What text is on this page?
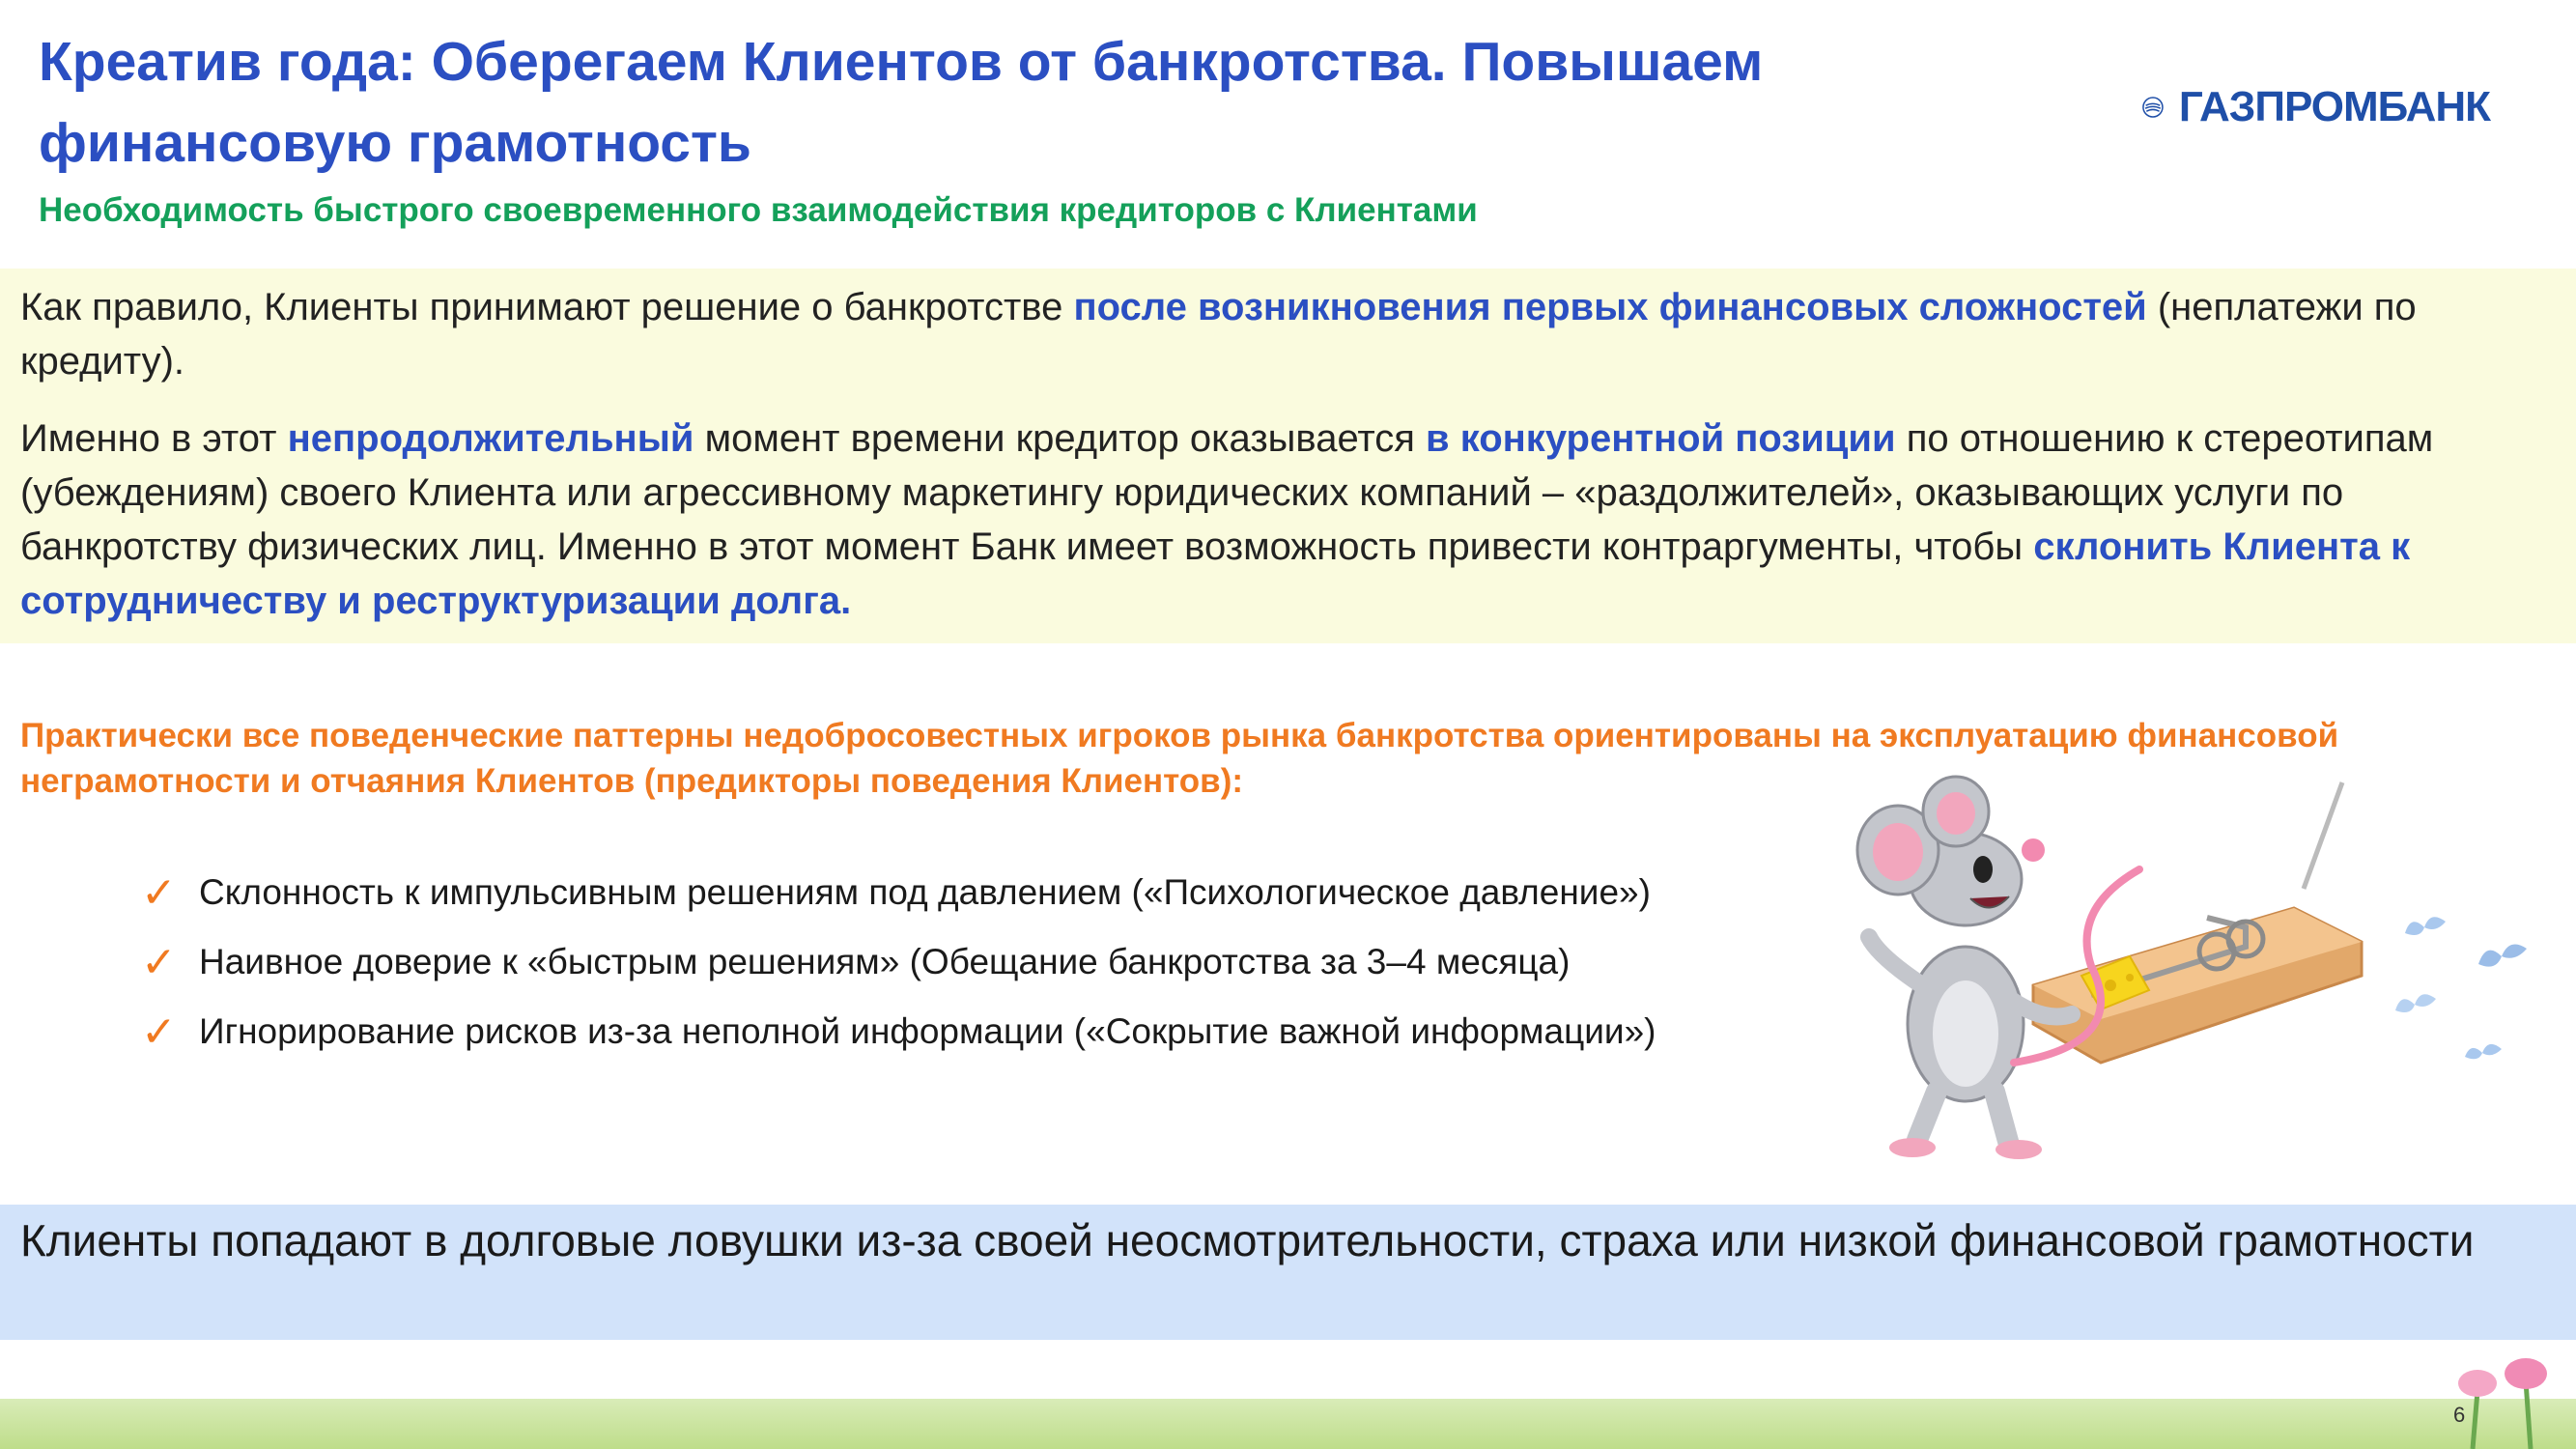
Креатив года: Оберегаем Клиентов от банкротства. Повышаем финансовую грамотность
ГАЗПРОМБАНК

Необходимость быстрого своевременного взаимодействия кредиторов с Клиентами

Как правило, Клиенты принимают решение о банкротстве после возникновения первых финансовых сложностей (неплатежи по кредиту).

Именно в этот непродолжительный момент времени кредитор оказывается в конкурентной позиции по отношению к стереотипам (убеждениям) своего Клиента или агрессивному маркетингу юридических компаний – «раздолжителей», оказывающих услуги по банкротству физических лиц. Именно в этот момент Банк имеет возможность привести контраргументы, чтобы склонить Клиента к сотрудничеству и реструктуризации долга.

Практически все поведенческие паттерны недобросовестных игроков рынка банкротства ориентированы на эксплуатацию финансовой неграмотности и отчаяния Клиентов (предикторы поведения Клиентов):

✓ Склонность к импульсивным решениям под давлением («Психологическое давление»)
✓ Наивное доверие к «быстрым решениям» (Обещание банкротства за 3–4 месяца)
✓ Игнорирование рисков из-за неполной информации («Сокрытие важной информации»)

Клиенты попадают в долговые ловушки из-за своей неосмотрительности, страха или низкой финансовой грамотности

6
